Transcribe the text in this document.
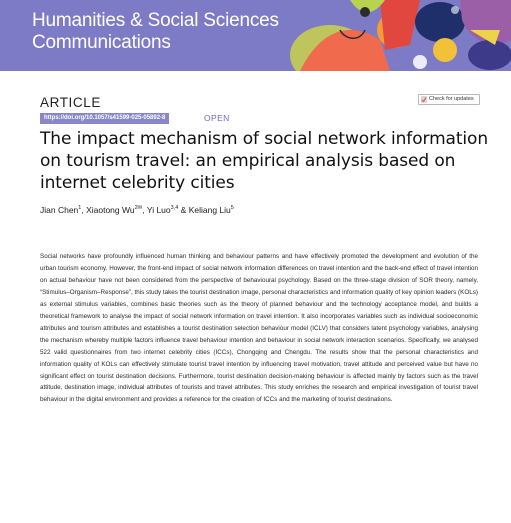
Humanities & Social Sciences
Communications

ARTICLE	Check for updates
https://doi.org/10.1057/s41599-025-05892-8	OPEN
The impact mechanism of social network information on tourism travel: an empirical analysis based on internet celebrity cities

Jian Chen$^1$, Xiaotong $Wu^{2✉}$, Yi Luo$^{3,4}$ & Keliang Liu$^5$

Social networks have profoundly influenced human thinking and behaviour patterns and have effectively promoted the development and evolution of the urban tourism economy. However, the front-end impact of social network information differences on travel intention and the back-end effect of travel intention on actual behaviour have not been considered from the perspective of behavioural psychology. Based on the three-stage division of SOR theory, namely, “Stimulus–Organism–Response”, this study takes the tourist destination image, personal characteristics and information quality of key opinion leaders (KOLs) as external stimulus variables, combines basic theories such as the theory of planned behaviour and the technology acceptance model, and builds a theoretical framework to analyse the impact of social network information on travel intention. It also incorporates variables such as individual socioeconomic attributes and tourism attributes and establishes a tourist destination selection behaviour model (ICLV) that considers latent psychology variables, analysing the mechanism whereby multiple factors influence travel behaviour intention and behaviour in social network interaction scenarios. Specifically, we analysed 522 valid questionnaires from two internet celebrity cities (ICCs), Chongqing and Chengdu. The results show that the personal characteristics and information quality of KOLs can effectively stimulate tourist travel intention by influencing travel motivation, travel attitude and perceived value but have no significant effect on tourist destination decisions. Furthermore, tourist destination decision-making behaviour is affected mainly by factors such as the travel attitude, destination image, individual attributes of tourists and travel attributes. This study enriches the research and empirical investigation of tourist travel behaviour in the digital environment and provides a reference for the creation of ICCs and the marketing of tourist destinations.
